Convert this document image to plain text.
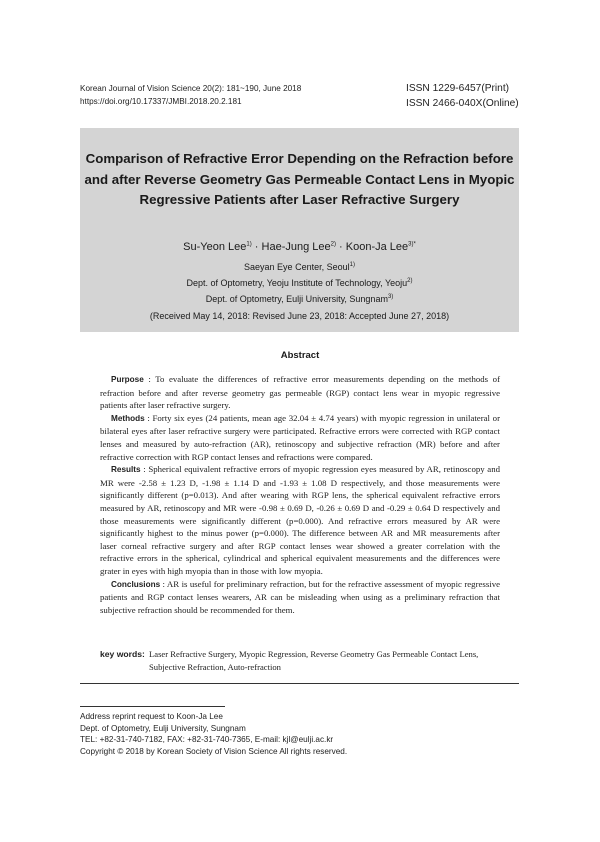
Korean Journal of Vision Science 20(2): 181~190, June 2018
https://doi.org/10.17337/JMBI.2018.20.2.181
ISSN 1229-6457(Print)
ISSN 2466-040X(Online)
Comparison of Refractive Error Depending on the Refraction before and after Reverse Geometry Gas Permeable Contact Lens in Myopic Regressive Patients after Laser Refractive Surgery
Su-Yeon Lee$^{1)}$ · Hae-Jung Lee$^{2)}$ · Koon-Ja Lee$^{3)*}$
Saeyan Eye Center, Seoul$^{1)}$
Dept. of Optometry, Yeoju Institute of Technology, Yeoju$^{2)}$
Dept. of Optometry, Eulji University, Sungnam$^{3)}$
(Received May 14, 2018: Revised June 23, 2018: Accepted June 27, 2018)
Abstract

Purpose : To evaluate the differences of refractive error measurements depending on the methods of refraction before and after reverse geometry gas permeable (RGP) contact lens wear in myopic regressive patients after laser refractive surgery.

Methods : Forty six eyes (24 patients, mean age 32.04 ± 4.74 years) with myopic regression in unilateral or bilateral eyes after laser refractive surgery were participated. Refractive errors were corrected with RGP contact lenses and measured by auto-refraction (AR), retinoscopy and subjective refraction (MR) before and after refractive correction with RGP contact lenses and refractions were compared.

Results : Spherical equivalent refractive errors of myopic regression eyes measured by AR, retinoscopy and MR were -2.58 ± 1.23 D, -1.98 ± 1.14 D and -1.93 ± 1.08 D respectively, and those measurements were significantly different (p=0.013). And after wearing with RGP lens, the spherical equivalent refractive errors measured by AR, retinoscopy and MR were -0.98 ± 0.69 D, -0.26 ± 0.69 D and -0.29 ± 0.64 D respectively and those measurements were significantly different (p=0.000). And refractive errors measured by AR were significantly highest to the minus power (p=0.000). The difference between AR and MR measurements after laser corneal refractive surgery and after RGP contact lenses wear showed a greater correlation with the refractive errors in the spherical, cylindrical and spherical equivalent measurements and the differences were grater in eyes with high myopia than in those with low myopia.

Conclusions : AR is useful for preliminary refraction, but for the refractive assessment of myopic regressive patients and RGP contact lenses wearers, AR can be misleading when using as a preliminary refraction that subjective refraction should be recommended for them.

key words: Laser Refractive Surgery, Myopic Regression, Reverse Geometry Gas Permeable Contact Lens, Subjective Refraction, Auto-refraction
Address reprint request to Koon-Ja Lee
Dept. of Optometry, Eulji University, Sungnam
TEL: +82-31-740-7182, FAX: +82-31-740-7365, E-mail: kjl@eulji.ac.kr
Copyright © 2018 by Korean Society of Vision Science All rights reserved.
